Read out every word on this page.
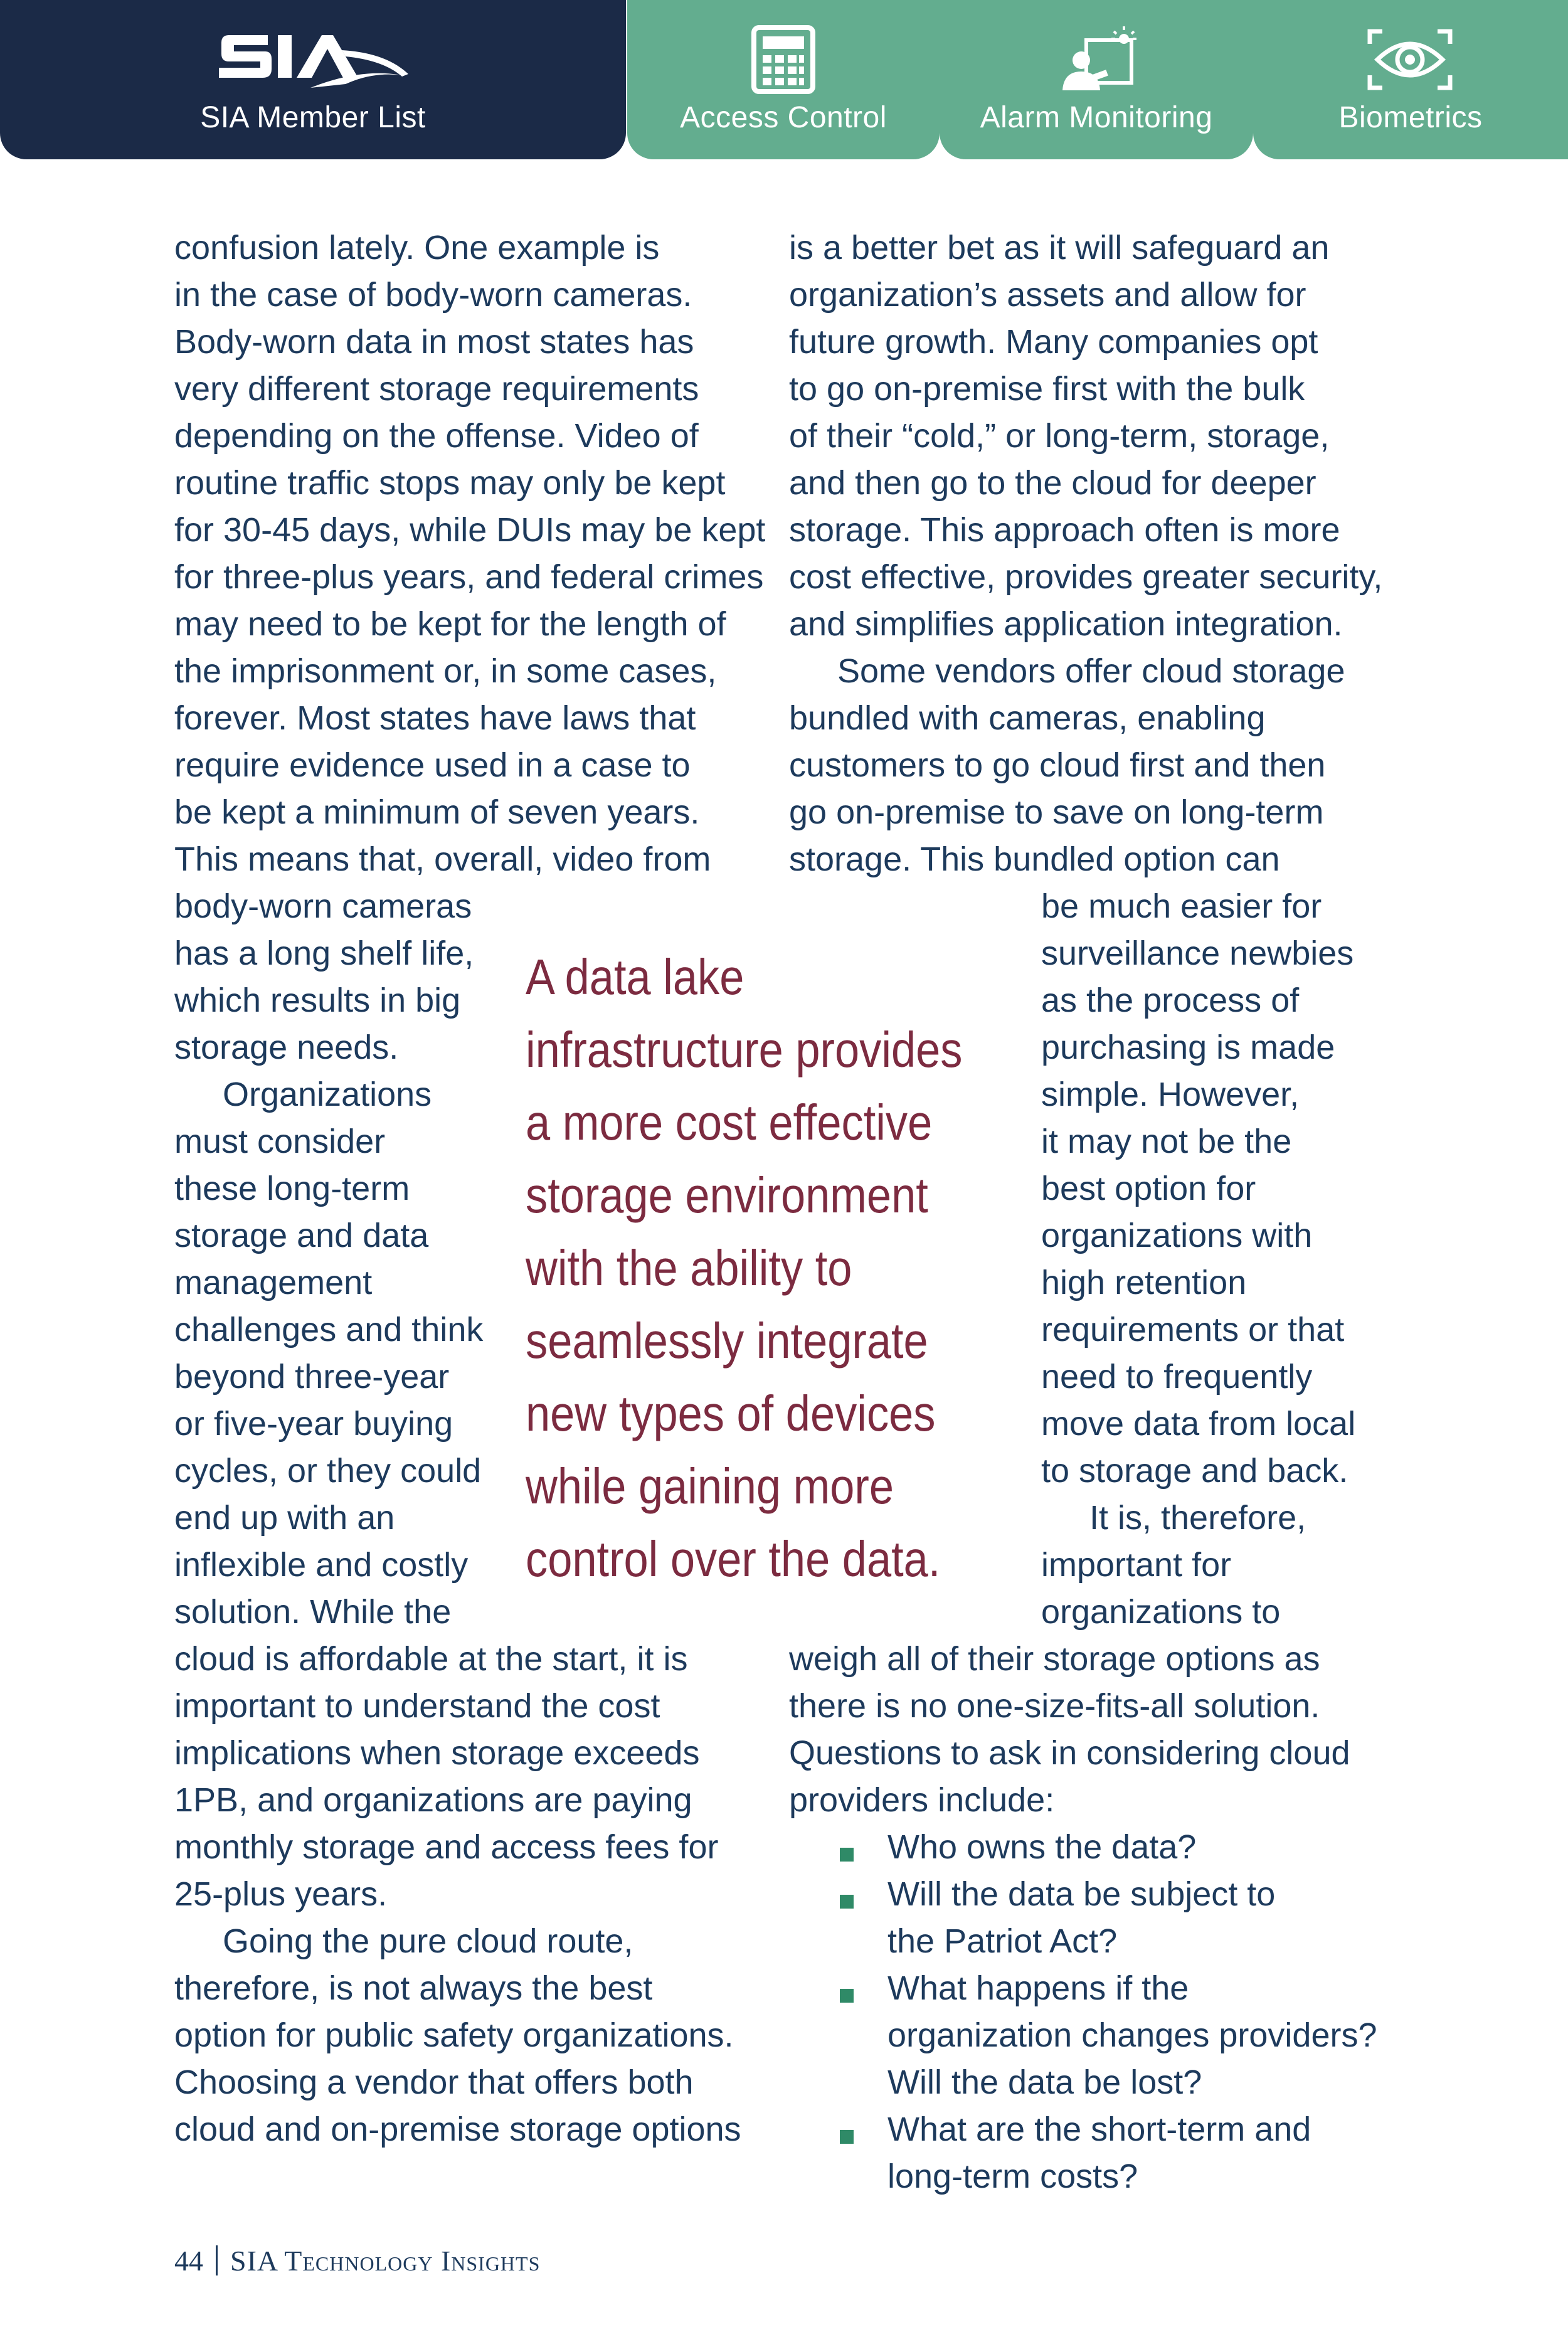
SIA Member List	Access Control	Alarm Monitoring	Biometrics
confusion lately. One example is
in the case of body-worn cameras.
Body-worn data in most states has
very different storage requirements
depending on the offense. Video of
routine traffic stops may only be kept
for 30-45 days, while DUIs may be kept
for three-plus years, and federal crimes
may need to be kept for the length of
the imprisonment or, in some cases,
forever. Most states have laws that
require evidence used in a case to
be kept a minimum of seven years.
This means that, overall, video from
body-worn cameras
has a long shelf life,
which results in big
storage needs.
Organizations
must consider
these long-term
storage and data
management
challenges and think
beyond three-year
or five-year buying
cycles, or they could
end up with an
inflexible and costly
solution. While the
cloud is affordable at the start, it is
important to understand the cost
implications when storage exceeds
1PB, and organizations are paying
monthly storage and access fees for
25-plus years.
Going the pure cloud route,
therefore, is not always the best
option for public safety organizations.
Choosing a vendor that offers both
cloud and on-premise storage options
A data lake
infrastructure provides
a more cost effective
storage environment
with the ability to
seamlessly integrate
new types of devices
while gaining more
control over the data.
is a better bet as it will safeguard an
organization’s assets and allow for
future growth. Many companies opt
to go on-premise first with the bulk
of their “cold,” or long-term, storage,
and then go to the cloud for deeper
storage. This approach often is more
cost effective, provides greater security,
and simplifies application integration.
Some vendors offer cloud storage
bundled with cameras, enabling
customers to go cloud first and then
go on-premise to save on long-term
storage. This bundled option can
be much easier for
surveillance newbies
as the process of
purchasing is made
simple. However,
it may not be the
best option for
organizations with
high retention
requirements or that
need to frequently
move data from local
to storage and back.
It is, therefore,
important for
organizations to
weigh all of their storage options as
there is no one-size-fits-all solution.
Questions to ask in considering cloud
providers include:
Who owns the data?
Will the data be subject to
the Patriot Act?
What happens if the
organization changes providers?
Will the data be lost?
What are the short-term and
long-term costs?
44 SIA Technology Insights
